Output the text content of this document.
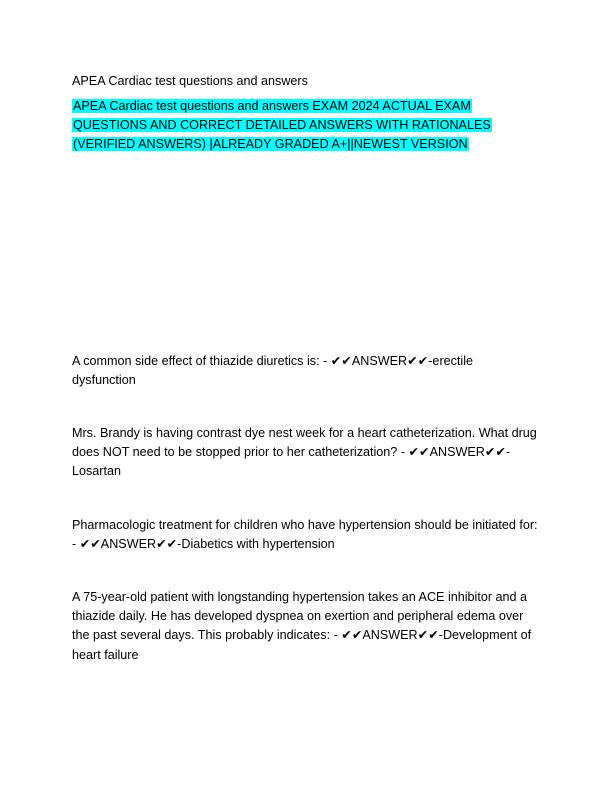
APEA Cardiac test questions and answers

APEA Cardiac test questions and answers EXAM 2024 ACTUAL EXAM QUESTIONS AND CORRECT DETAILED ANSWERS WITH RATIONALES (VERIFIED ANSWERS) |ALREADY GRADED A+||NEWEST VERSION

A common side effect of thiazide diuretics is: - ✔✔ANSWER✔✔-erectile dysfunction

Mrs. Brandy is having contrast dye nest week for a heart catheterization. What drug does NOT need to be stopped prior to her catheterization? - ✔✔ANSWER✔✔-Losartan

Pharmacologic treatment for children who have hypertension should be initiated for: - ✔✔ANSWER✔✔-Diabetics with hypertension

A 75-year-old patient with longstanding hypertension takes an ACE inhibitor and a thiazide daily. He has developed dyspnea on exertion and peripheral edema over the past several days. This probably indicates: - ✔✔ANSWER✔✔-Development of heart failure
